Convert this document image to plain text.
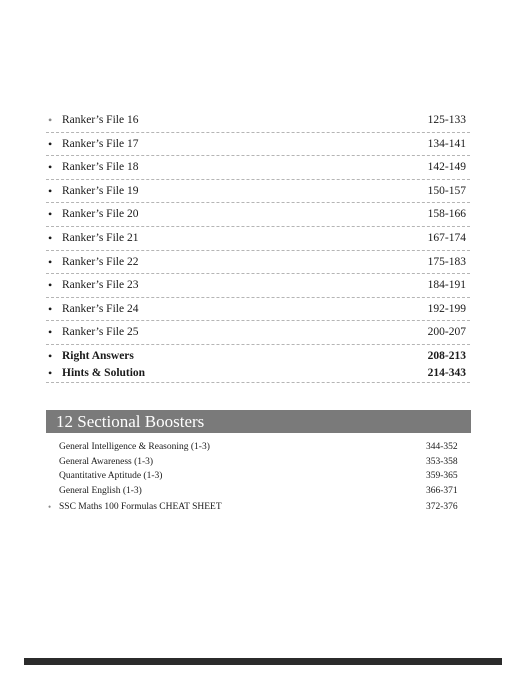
• Ranker’s File 16	125-133
• Ranker’s File 17	134-141
• Ranker’s File 18	142-149
• Ranker’s File 19	150-157
• Ranker’s File 20	158-166
• Ranker’s File 21	167-174
• Ranker’s File 22	175-183
• Ranker’s File 23	184-191
• Ranker’s File 24	192-199
• Ranker’s File 25	200-207
• Right Answers	208-213
• Hints & Solution	214-343
12 Sectional Boosters
General Intelligence & Reasoning (1-3)	344-352
General Awareness (1-3)	353-358
Quantitative Aptitude (1-3)	359-365
General English (1-3)	366-371
• SSC Maths 100 Formulas CHEAT SHEET	372-376
